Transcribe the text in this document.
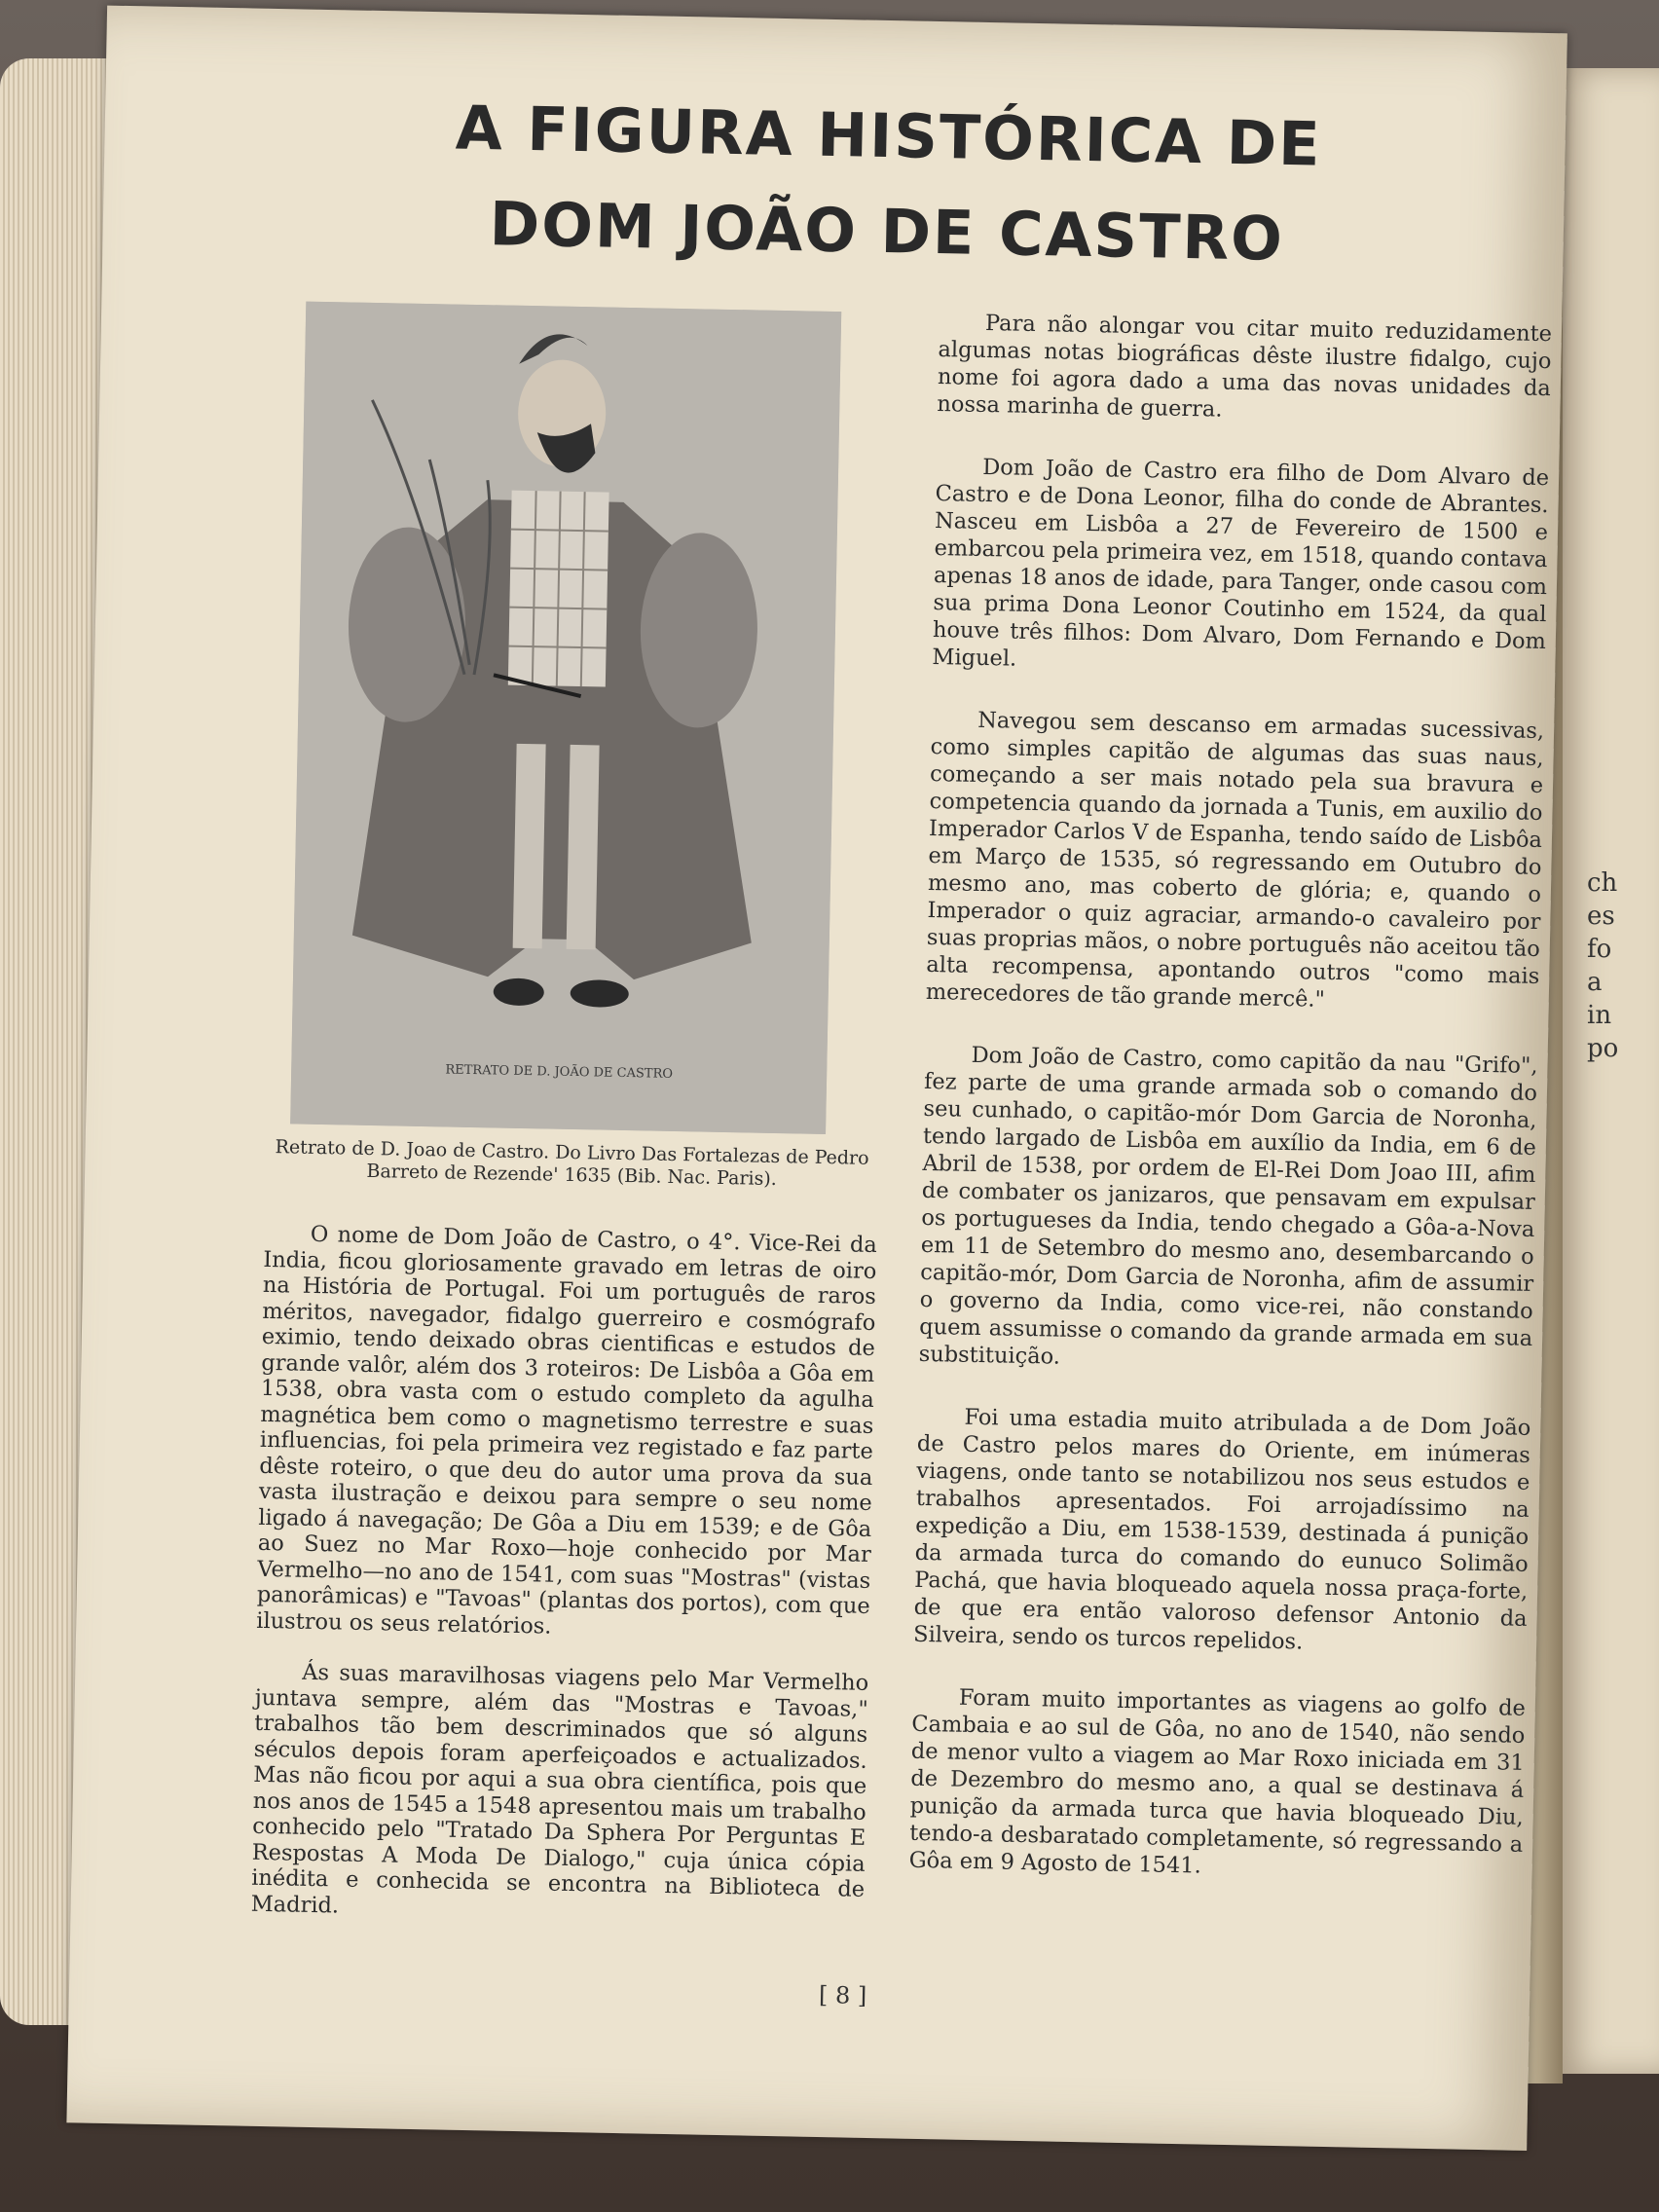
ch
es
fo
a
in
po
A FIGURA HISTÓRICA DE DOM JOÃO DE CASTRO
RETRATO DE D. JOÃO DE CASTRO
Retrato de D. Joao de Castro. Do Livro Das Fortalezas de Pedro Barreto de Rezende' 1635 (Bib. Nac. Paris).

O nome de Dom João de Castro, o 4°. Vice-Rei da India, ficou gloriosamente gravado em letras de oiro na História de Portugal. Foi um português de raros méritos, navegador, fidalgo guerreiro e cosmógrafo eximio, tendo deixado obras cientificas e estudos de grande valôr, além dos 3 roteiros: De Lisbôa a Gôa em 1538, obra vasta com o estudo completo da agulha magnética bem como o magnetismo terrestre e suas influencias, foi pela primeira vez registado e faz parte dêste roteiro, o que deu do autor uma prova da sua vasta ilustração e deixou para sempre o seu nome ligado á navegação; De Gôa a Diu em 1539; e de Gôa ao Suez no Mar Roxo—hoje conhecido por Mar Vermelho—no ano de 1541, com suas "Mostras" (vistas panorâmicas) e "Tavoas" (plantas dos portos), com que ilustrou os seus relatórios.

Ás suas maravilhosas viagens pelo Mar Vermelho juntava sempre, além das "Mostras e Tavoas," trabalhos tão bem descriminados que só alguns séculos depois foram aperfeiçoados e actualizados. Mas não ficou por aqui a sua obra científica, pois que nos anos de 1545 a 1548 apresentou mais um trabalho conhecido pelo "Tratado Da Sphera Por Perguntas E Respostas A Moda De Dialogo," cuja única cópia inédita e conhecida se encontra na Biblioteca de Madrid.

Para não alongar vou citar muito reduzidamente algumas notas biográficas dêste ilustre fidalgo, cujo nome foi agora dado a uma das novas unidades da nossa marinha de guerra.

Dom João de Castro era filho de Dom Alvaro de Castro e de Dona Leonor, filha do conde de Abrantes. Nasceu em Lisbôa a 27 de Fevereiro de 1500 e embarcou pela primeira vez, em 1518, quando contava apenas 18 anos de idade, para Tanger, onde casou com sua prima Dona Leonor Coutinho em 1524, da qual houve três filhos: Dom Alvaro, Dom Fernando e Dom Miguel.

Navegou sem descanso em armadas sucessivas, como simples capitão de algumas das suas naus, começando a ser mais notado pela sua bravura e competencia quando da jornada a Tunis, em auxilio do Imperador Carlos V de Espanha, tendo saído de Lisbôa em Março de 1535, só regressando em Outubro do mesmo ano, mas coberto de glória; e, quando o Imperador o quiz agraciar, armando-o cavaleiro por suas proprias mãos, o nobre português não aceitou tão alta recompensa, apontando outros "como mais merecedores de tão grande mercê."

Dom João de Castro, como capitão da nau "Grifo", fez parte de uma grande armada sob o comando do seu cunhado, o capitão-mór Dom Garcia de Noronha, tendo largado de Lisbôa em auxílio da India, em 6 de Abril de 1538, por ordem de El-Rei Dom Joao III, afim de combater os janizaros, que pensavam em expulsar os portugueses da India, tendo chegado a Gôa-a-Nova em 11 de Setembro do mesmo ano, desembarcando o capitão-mór, Dom Garcia de Noronha, afim de assumir o governo da India, como vice-rei, não constando quem assumisse o comando da grande armada em sua substituição.

Foi uma estadia muito atribulada a de Dom João de Castro pelos mares do Oriente, em inúmeras viagens, onde tanto se notabilizou nos seus estudos e trabalhos apresentados. Foi arrojadíssimo na expedição a Diu, em 1538-1539, destinada á punição da armada turca do comando do eunuco Solimão Pachá, que havia bloqueado aquela nossa praça-forte, de que era então valoroso defensor Antonio da Silveira, sendo os turcos repelidos.

Foram muito importantes as viagens ao golfo de Cambaia e ao sul de Gôa, no ano de 1540, não sendo de menor vulto a viagem ao Mar Roxo iniciada em 31 de Dezembro do mesmo ano, a qual se destinava á punição da armada turca que havia bloqueado Diu, tendo-a desbaratado completamente, só regressando a Gôa em 9 Agosto de 1541.

[ 8 ]
